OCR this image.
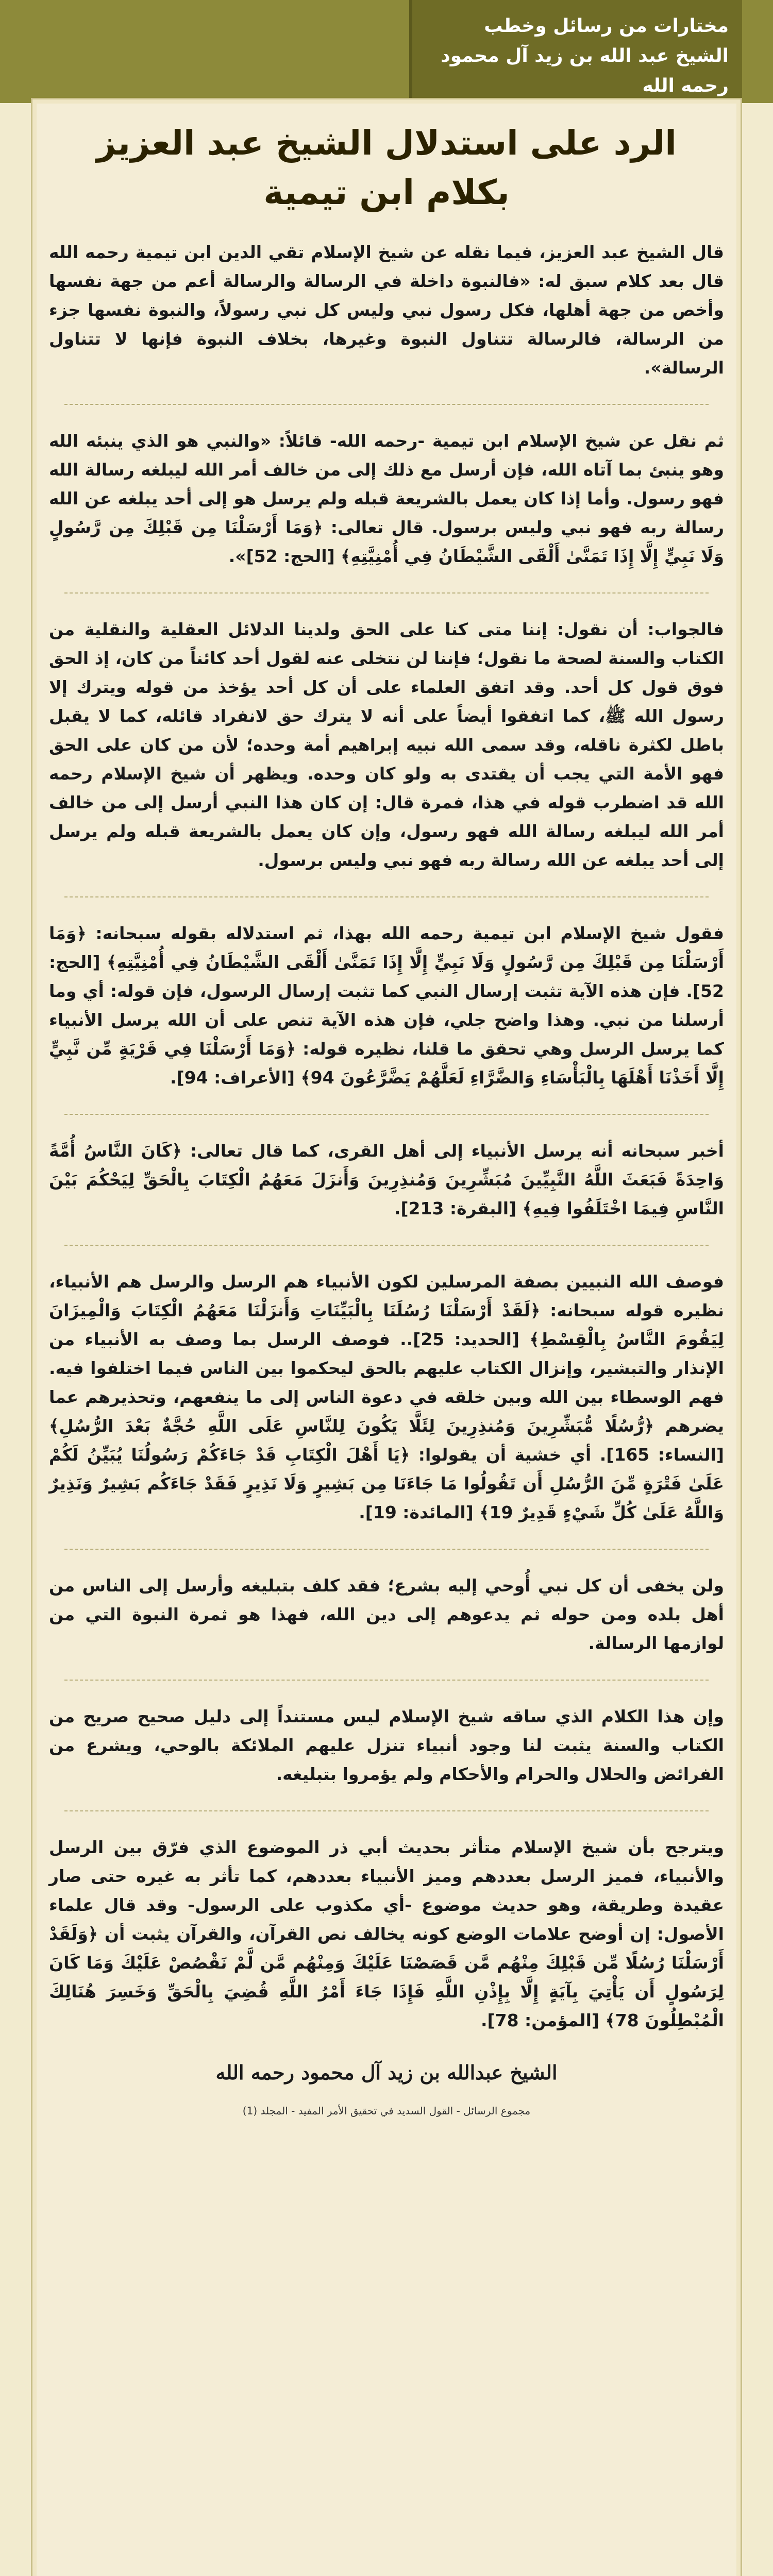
مختارات من رسائل وخطب
الشيخ عبد الله بن زيد آل محمود رحمه الله
الرد على استدلال الشيخ عبد العزيز بكلام ابن تيمية

قال الشيخ عبد العزيز، فيما نقله عن شيخ الإسلام تقي الدين ابن تيمية رحمه الله قال بعد كلام سبق له: «فالنبوة داخلة في الرسالة والرسالة أعم من جهة نفسها وأخص من جهة أهلها، فكل رسول نبي وليس كل نبي رسولاً، والنبوة نفسها جزء من الرسالة، فالرسالة تتناول النبوة وغيرها، بخلاف النبوة فإنها لا تتناول الرسالة».

ثم نقل عن شيخ الإسلام ابن تيمية -رحمه الله- قائلاً: «والنبي هو الذي ينبئه الله وهو ينبئ بما آتاه الله، فإن أرسل مع ذلك إلى من خالف أمر الله ليبلغه رسالة الله فهو رسول. وأما إذا كان يعمل بالشريعة قبله ولم يرسل هو إلى أحد يبلغه عن الله رسالة ربه فهو نبي وليس برسول. قال تعالى: ﴿وَمَا أَرْسَلْنَا مِن قَبْلِكَ مِن رَّسُولٍ وَلَا نَبِيٍّ إِلَّا إِذَا تَمَنَّىٰ أَلْقَى الشَّيْطَانُ فِي أُمْنِيَّتِهِ﴾ [الحج: 52]».

فالجواب: أن نقول: إننا متى كنا على الحق ولدينا الدلائل العقلية والنقلية من الكتاب والسنة لصحة ما نقول؛ فإننا لن نتخلى عنه لقول أحد كائناً من كان، إذ الحق فوق قول كل أحد. وقد اتفق العلماء على أن كل أحد يؤخذ من قوله ويترك إلا رسول الله ﷺ، كما اتفقوا أيضاً على أنه لا يترك حق لانفراد قائله، كما لا يقبل باطل لكثرة ناقله، وقد سمى الله نبيه إبراهيم أمة وحده؛ لأن من كان على الحق فهو الأمة التي يجب أن يقتدى به ولو كان وحده. ويظهر أن شيخ الإسلام رحمه الله قد اضطرب قوله في هذا، فمرة قال: إن كان هذا النبي أرسل إلى من خالف أمر الله ليبلغه رسالة الله فهو رسول، وإن كان يعمل بالشريعة قبله ولم يرسل إلى أحد يبلغه عن الله رسالة ربه فهو نبي وليس برسول.

فقول شيخ الإسلام ابن تيمية رحمه الله بهذا، ثم استدلاله بقوله سبحانه: ﴿وَمَا أَرْسَلْنَا مِن قَبْلِكَ مِن رَّسُولٍ وَلَا نَبِيٍّ إِلَّا إِذَا تَمَنَّىٰ أَلْقَى الشَّيْطَانُ فِي أُمْنِيَّتِهِ﴾ [الحج: 52]. فإن هذه الآية تثبت إرسال النبي كما تثبت إرسال الرسول، فإن قوله: أي وما أرسلنا من نبي. وهذا واضح جلي، فإن هذه الآية تنص على أن الله يرسل الأنبياء كما يرسل الرسل وهي تحقق ما قلنا، نظيره قوله: ﴿وَمَا أَرْسَلْنَا فِي قَرْيَةٍ مِّن نَّبِيٍّ إِلَّا أَخَذْنَا أَهْلَهَا بِالْبَأْسَاءِ وَالضَّرَّاءِ لَعَلَّهُمْ يَضَّرَّعُونَ 94﴾ [الأعراف: 94].

أخبر سبحانه أنه يرسل الأنبياء إلى أهل القرى، كما قال تعالى: ﴿كَانَ النَّاسُ أُمَّةً وَاحِدَةً فَبَعَثَ اللَّهُ النَّبِيِّينَ مُبَشِّرِينَ وَمُنذِرِينَ وَأَنزَلَ مَعَهُمُ الْكِتَابَ بِالْحَقِّ لِيَحْكُمَ بَيْنَ النَّاسِ فِيمَا اخْتَلَفُوا فِيهِ﴾ [البقرة: 213].

فوصف الله النبيين بصفة المرسلين لكون الأنبياء هم الرسل والرسل هم الأنبياء، نظيره قوله سبحانه: ﴿لَقَدْ أَرْسَلْنَا رُسُلَنَا بِالْبَيِّنَاتِ وَأَنزَلْنَا مَعَهُمُ الْكِتَابَ وَالْمِيزَانَ لِيَقُومَ النَّاسُ بِالْقِسْطِ﴾ [الحديد: 25].. فوصف الرسل بما وصف به الأنبياء من الإنذار والتبشير، وإنزال الكتاب عليهم بالحق ليحكموا بين الناس فيما اختلفوا فيه. فهم الوسطاء بين الله وبين خلقه في دعوة الناس إلى ما ينفعهم، وتحذيرهم عما يضرهم ﴿رُّسُلًا مُّبَشِّرِينَ وَمُنذِرِينَ لِئَلَّا يَكُونَ لِلنَّاسِ عَلَى اللَّهِ حُجَّةٌ بَعْدَ الرُّسُلِ﴾ [النساء: 165]. أي خشية أن يقولوا: ﴿يَا أَهْلَ الْكِتَابِ قَدْ جَاءَكُمْ رَسُولُنَا يُبَيِّنُ لَكُمْ عَلَىٰ فَتْرَةٍ مِّنَ الرُّسُلِ أَن تَقُولُوا مَا جَاءَنَا مِن بَشِيرٍ وَلَا نَذِيرٍ فَقَدْ جَاءَكُم بَشِيرٌ وَنَذِيرٌ وَاللَّهُ عَلَىٰ كُلِّ شَيْءٍ قَدِيرٌ 19﴾ [المائدة: 19].

ولن يخفى أن كل نبي أُوحي إليه بشرع؛ فقد كلف بتبليغه وأرسل إلى الناس من أهل بلده ومن حوله ثم يدعوهم إلى دين الله، فهذا هو ثمرة النبوة التي من لوازمها الرسالة.

وإن هذا الكلام الذي ساقه شيخ الإسلام ليس مستنداً إلى دليل صحيح صريح من الكتاب والسنة يثبت لنا وجود أنبياء تنزل عليهم الملائكة بالوحي، ويشرع من الفرائض والحلال والحرام والأحكام ولم يؤمروا بتبليغه.

ويترجح بأن شيخ الإسلام متأثر بحديث أبي ذر الموضوع الذي فرّق بين الرسل والأنبياء، فميز الرسل بعددهم وميز الأنبياء بعددهم، كما تأثر به غيره حتى صار عقيدة وطريقة، وهو حديث موضوع -أي مكذوب على الرسول- وقد قال علماء الأصول: إن أوضح علامات الوضع كونه يخالف نص القرآن، والقرآن يثبت أن ﴿وَلَقَدْ أَرْسَلْنَا رُسُلًا مِّن قَبْلِكَ مِنْهُم مَّن قَصَصْنَا عَلَيْكَ وَمِنْهُم مَّن لَّمْ نَقْصُصْ عَلَيْكَ وَمَا كَانَ لِرَسُولٍ أَن يَأْتِيَ بِآيَةٍ إِلَّا بِإِذْنِ اللَّهِ فَإِذَا جَاءَ أَمْرُ اللَّهِ قُضِيَ بِالْحَقِّ وَخَسِرَ هُنَالِكَ الْمُبْطِلُونَ 78﴾ [المؤمن: 78].

الشيخ عبدالله بن زيد آل محمود رحمه الله
مجموع الرسائل - القول السديد في تحقيق الأمر المفيد - المجلد (1)
